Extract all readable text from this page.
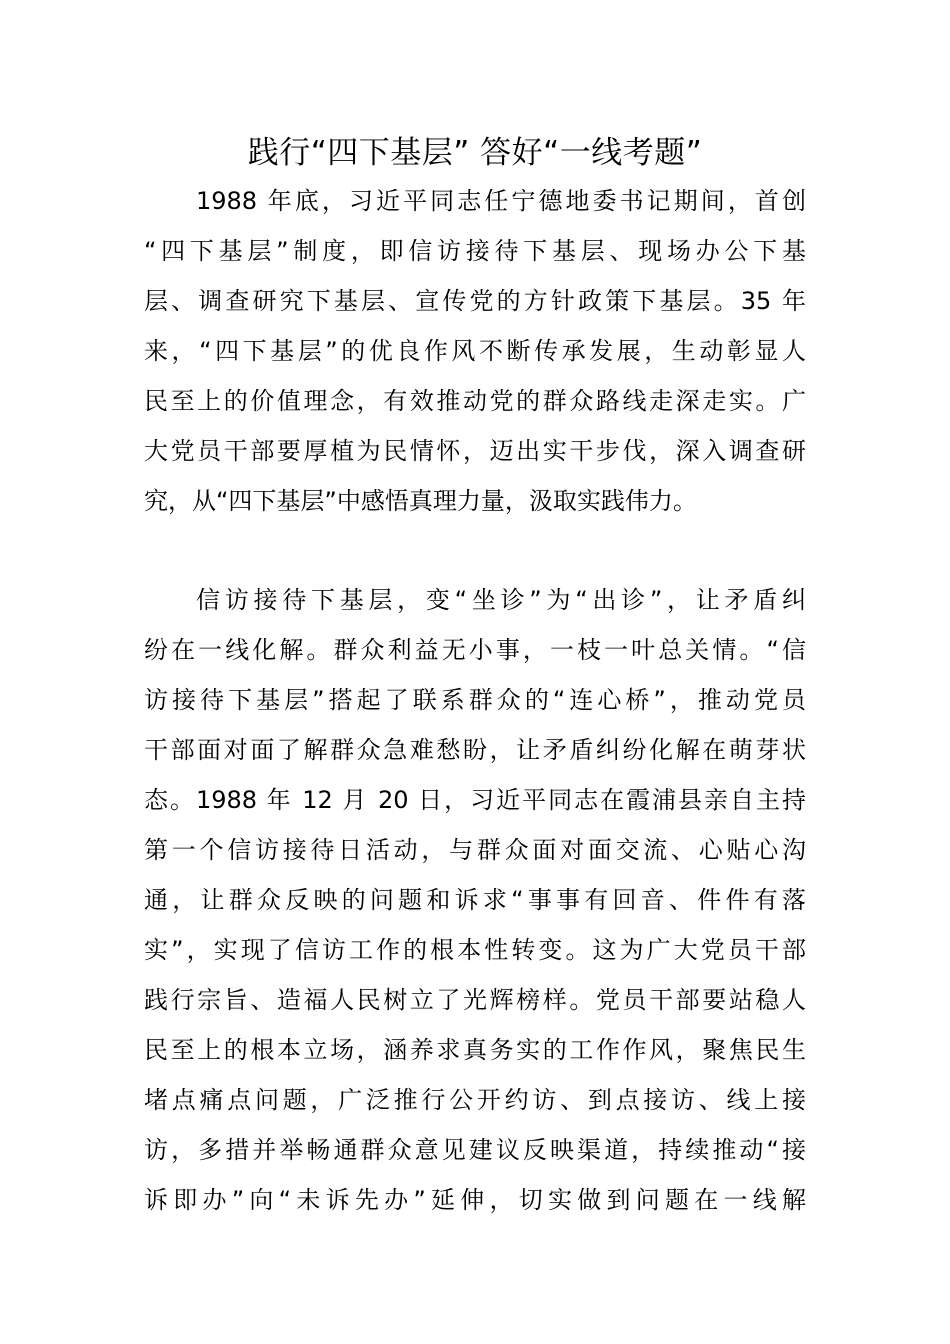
践行“四下基层” 答好“一线考题”
1988 年底，习近平同志任宁德地委书记期间，首创
“四下基层”制度，即信访接待下基层、现场办公下基
层、调查研究下基层、宣传党的方针政策下基层。35 年
来，“四下基层”的优良作风不断传承发展，生动彰显人
民至上的价值理念，有效推动党的群众路线走深走实。广
大党员干部要厚植为民情怀，迈出实干步伐，深入调查研
究，从“四下基层”中感悟真理力量，汲取实践伟力。
信访接待下基层，变“坐诊”为“出诊”，让矛盾纠
纷在一线化解。群众利益无小事，一枝一叶总关情。“信
访接待下基层”搭起了联系群众的“连心桥”，推动党员
干部面对面了解群众急难愁盼，让矛盾纠纷化解在萌芽状
态。1988 年 12 月 20 日，习近平同志在霞浦县亲自主持
第一个信访接待日活动，与群众面对面交流、心贴心沟
通，让群众反映的问题和诉求“事事有回音、件件有落
实”，实现了信访工作的根本性转变。这为广大党员干部
践行宗旨、造福人民树立了光辉榜样。党员干部要站稳人
民至上的根本立场，涵养求真务实的工作作风，聚焦民生
堵点痛点问题，广泛推行公开约访、到点接访、线上接
访，多措并举畅通群众意见建议反映渠道，持续推动“接
诉即办”向“未诉先办”延伸，切实做到问题在一线解
